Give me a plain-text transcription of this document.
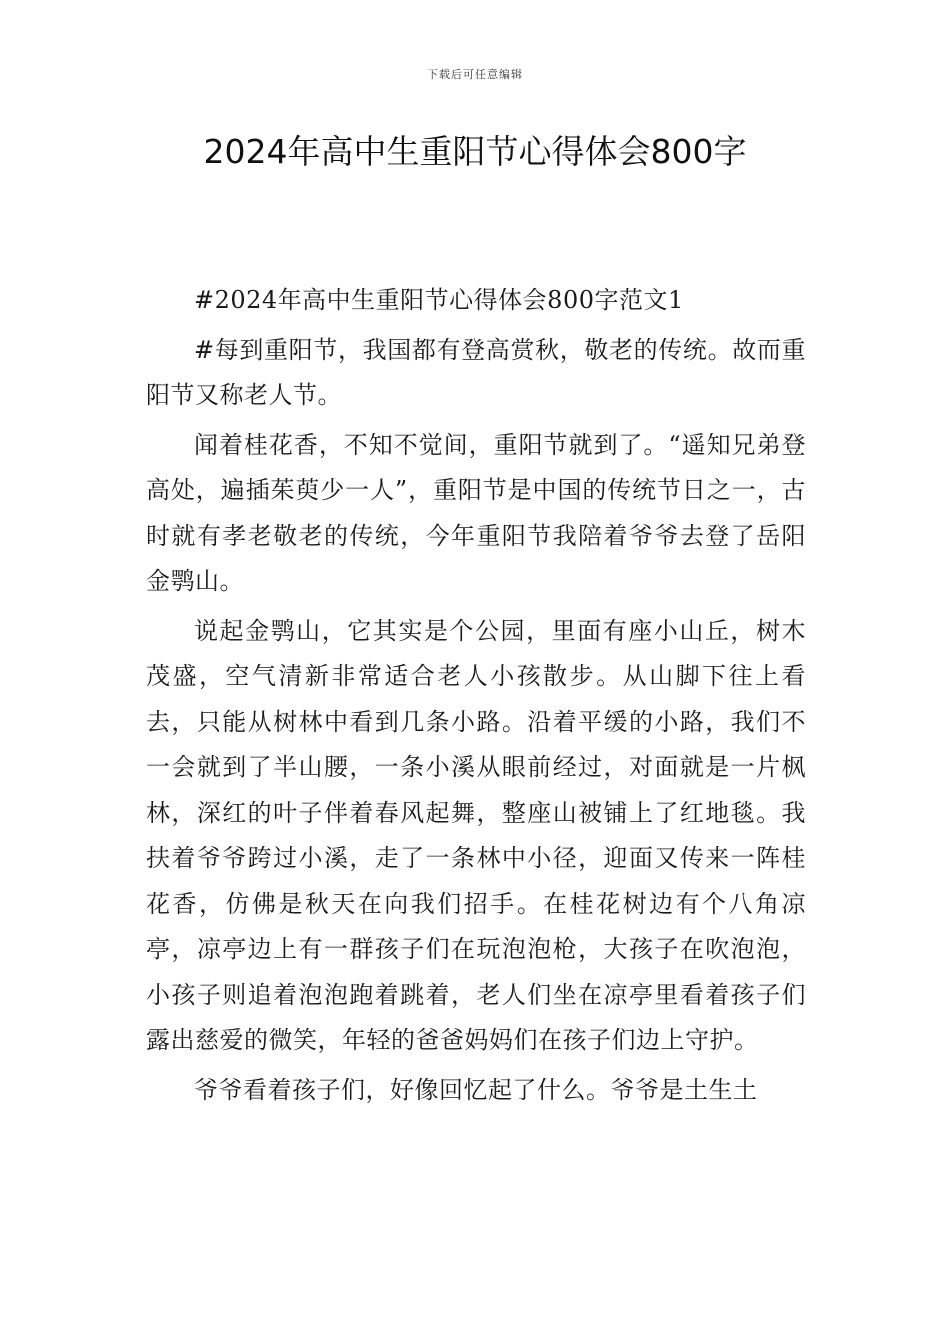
下载后可任意编辑
2024年高中生重阳节心得体会800字

#2024年高中生重阳节心得体会800字范文1

#每到重阳节，我国都有登高赏秋，敬老的传统。故而重阳节又称老人节。

闻着桂花香，不知不觉间，重阳节就到了。“遥知兄弟登高处，遍插茱萸少一人”，重阳节是中国的传统节日之一，古时就有孝老敬老的传统，今年重阳节我陪着爷爷去登了岳阳金鹗山。

说起金鹗山，它其实是个公园，里面有座小山丘，树木茂盛，空气清新非常适合老人小孩散步。从山脚下往上看去，只能从树林中看到几条小路。沿着平缓的小路，我们不一会就到了半山腰，一条小溪从眼前经过，对面就是一片枫林，深红的叶子伴着春风起舞，整座山被铺上了红地毯。我扶着爷爷跨过小溪，走了一条林中小径，迎面又传来一阵桂花香，仿佛是秋天在向我们招手。在桂花树边有个八角凉亭，凉亭边上有一群孩子们在玩泡泡枪，大孩子在吹泡泡，小孩子则追着泡泡跑着跳着，老人们坐在凉亭里看着孩子们露出慈爱的微笑，年轻的爸爸妈妈们在孩子们边上守护。

爷爷看着孩子们，好像回忆起了什么。爷爷是土生土
